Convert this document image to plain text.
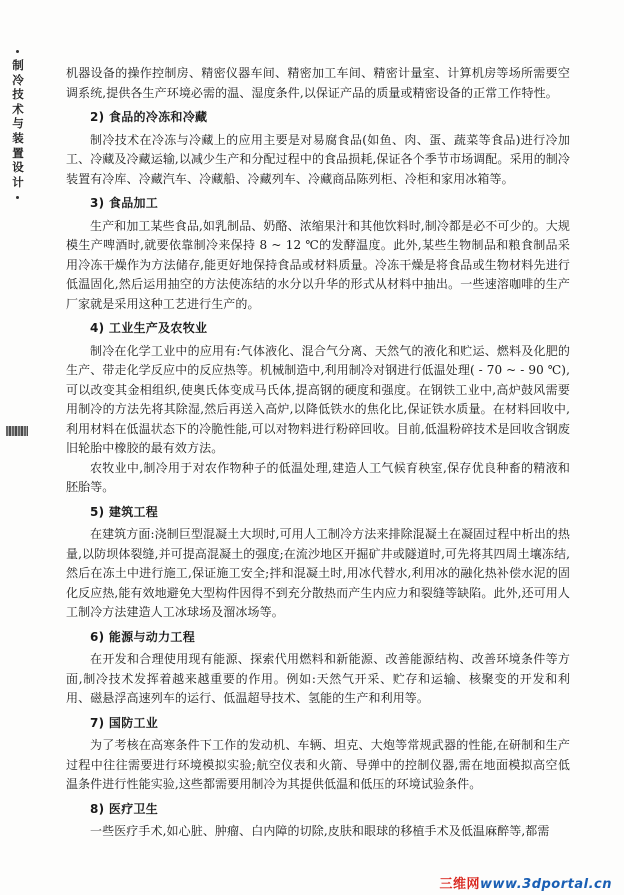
制冷技术与装置设计

机器设备的操作控制房、精密仪器车间、精密加工车间、精密计量室、计算机房等场所需要空调系统,提供各生产环境必需的温、湿度条件,以保证产品的质量或精密设备的正常工作特性。

2) 食品的冷冻和冷藏

制冷技术在冷冻与冷藏上的应用主要是对易腐食品(如鱼、肉、蛋、蔬菜等食品)进行冷加工、冷藏及冷藏运输,以减少生产和分配过程中的食品损耗,保证各个季节市场调配。采用的制冷装置有冷库、冷藏汽车、冷藏船、冷藏列车、冷藏商品陈列柜、冷柜和家用冰箱等。

3) 食品加工

生产和加工某些食品,如乳制品、奶酪、浓缩果汁和其他饮料时,制冷都是必不可少的。大规模生产啤酒时,就要依靠制冷来保持 8 ~ 12 ℃的发酵温度。此外,某些生物制品和粮食制品采用冷冻干燥作为方法储存,能更好地保持食品或材料质量。冷冻干燥是将食品或生物材料先进行低温固化,然后运用抽空的方法使冻结的水分以升华的形式从材料中抽出。一些速溶咖啡的生产厂家就是采用这种工艺进行生产的。

4) 工业生产及农牧业

制冷在化学工业中的应用有:气体液化、混合气分离、天然气的液化和贮运、燃料及化肥的生产、带走化学反应中的反应热等。机械制造中,利用制冷对钢进行低温处理( - 70 ~ - 90 ℃),可以改变其金相组织,使奥氏体变成马氏体,提高钢的硬度和强度。在钢铁工业中,高炉鼓风需要用制冷的方法先将其除湿,然后再送入高炉,以降低铁水的焦化比,保证铁水质量。在材料回收中,利用材料在低温状态下的冷脆性能,可以对物料进行粉碎回收。目前,低温粉碎技术是回收含钢废旧轮胎中橡胶的最有效方法。

农牧业中,制冷用于对农作物种子的低温处理,建造人工气候育秧室,保存优良种畜的精液和胚胎等。

5) 建筑工程

在建筑方面:浇制巨型混凝土大坝时,可用人工制冷方法来排除混凝土在凝固过程中析出的热量,以防坝体裂缝,并可提高混凝土的强度;在流沙地区开掘矿井或隧道时,可先将其四周土壤冻结,然后在冻土中进行施工,保证施工安全;拌和混凝土时,用冰代替水,利用冰的融化热补偿水泥的固化反应热,能有效地避免大型构件因得不到充分散热而产生内应力和裂缝等缺陷。此外,还可用人工制冷方法建造人工冰球场及溜冰场等。

6) 能源与动力工程

在开发和合理使用现有能源、探索代用燃料和新能源、改善能源结构、改善环境条件等方面,制冷技术发挥着越来越重要的作用。例如:天然气开采、贮存和运输、核聚变的开发和利用、磁悬浮高速列车的运行、低温超导技术、氢能的生产和利用等。

7) 国防工业

为了考核在高寒条件下工作的发动机、车辆、坦克、大炮等常规武器的性能,在研制和生产过程中往往需要进行环境模拟实验;航空仪表和火箭、导弹中的控制仪器,需在地面模拟高空低温条件进行性能实验,这些都需要用制冷为其提供低温和低压的环境试验条件。

8) 医疗卫生

一些医疗手术,如心脏、肿瘤、白内障的切除,皮肤和眼球的移植手术及低温麻醉等,都需

三维网www.3dportal.cn
